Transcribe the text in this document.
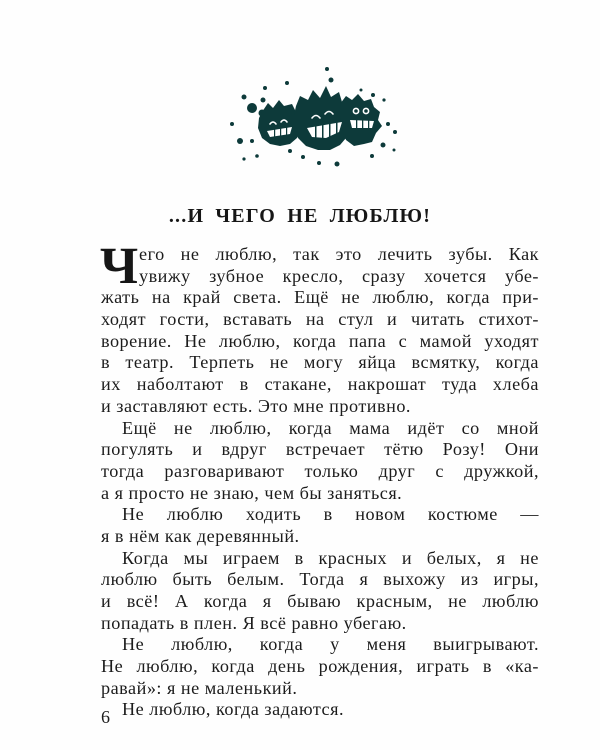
...И ЧЕГО НЕ ЛЮБЛЮ!
Ч его не люблю, так это лечить зубы. Как
увижу зубное кресло, сразу хочется убе-
жать на край света. Ещё не люблю, когда при-
ходят гости, вставать на стул и читать стихот-
ворение. Не люблю, когда папа с мамой уходят
в театр. Терпеть не могу яйца всмятку, когда
их наболтают в стакане, накрошат туда хлеба
и заставляют есть. Это мне противно.
Ещё не люблю, когда мама идёт со мной
погулять и вдруг встречает тётю Розу! Они
тогда разговаривают только друг с дружкой,
а я просто не знаю, чем бы заняться.
Не люблю ходить в новом костюме —
я в нём как деревянный.
Когда мы играем в красных и белых, я не
люблю быть белым. Тогда я выхожу из игры,
и всё! А когда я бываю красным, не люблю
попадать в плен. Я всё равно убегаю.
Не люблю, когда у меня выигрывают.
Не люблю, когда день рождения, играть в «ка-
равай»: я не маленький.
Не люблю, когда задаются.
6
